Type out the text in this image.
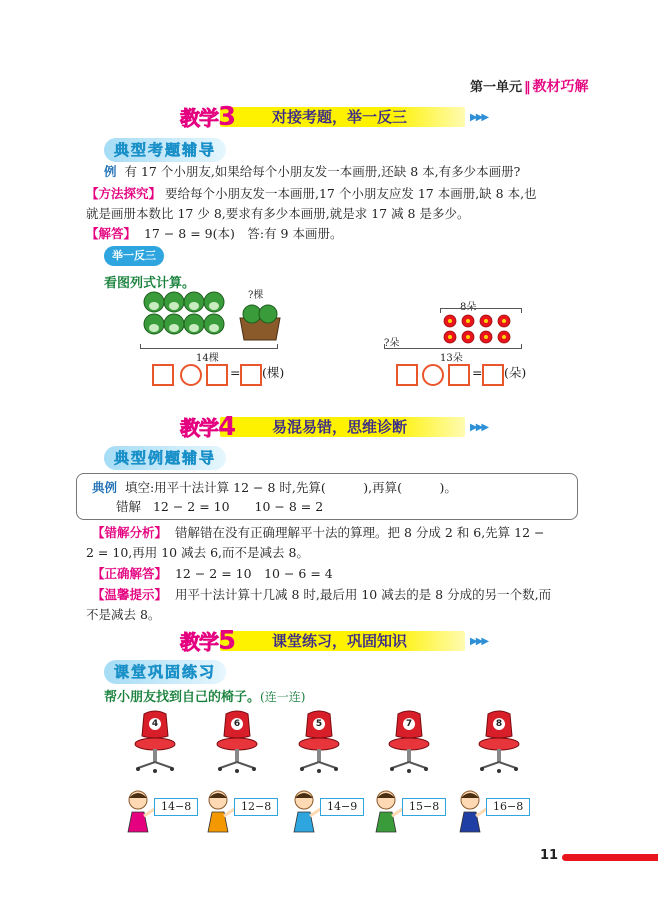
第一单元 ‖ 教材巧解
教学3 对接考题，举一反三	▶▶▶
典型考题辅导
例 有 17 个小朋友,如果给每个小朋友发一本画册,还缺 8 本,有多少本画册?
【方法探究】 要给每个小朋友发一本画册,17 个小朋友应发 17 本画册,缺 8 本,也
就是画册本数比 17 少 8,要求有多少本画册,就是求 17 减 8 是多少。
【解答】 17 − 8 = 9(本)　答:有 9 本画册。
举一反三
看图列式计算。
?棵
14棵
= (棵)
8朵
?朵
13朵
= (朵)
教学4 易混易错，思维诊断	▶▶▶
典型例题辅导
典例 填空:用平十法计算 12 − 8 时,先算(　　　),再算(　　　)。
错解 12 − 2 = 10　　10 − 8 = 2
【错解分析】 错解错在没有正确理解平十法的算理。把 8 分成 2 和 6,先算 12 −
2 = 10,再用 10 减去 6,而不是减去 8。
【正确解答】 12 − 2 = 10　10 − 6 = 4
【温馨提示】 用平十法计算十几减 8 时,最后用 10 减去的是 8 分成的另一个数,而
不是减去 8。
教学5 课堂练习，巩固知识	▶▶▶
课堂巩固练习
帮小朋友找到自己的椅子。(连一连)
4	6	5	7	8
14−8	12−8	14−9	15−8	16−8
11
